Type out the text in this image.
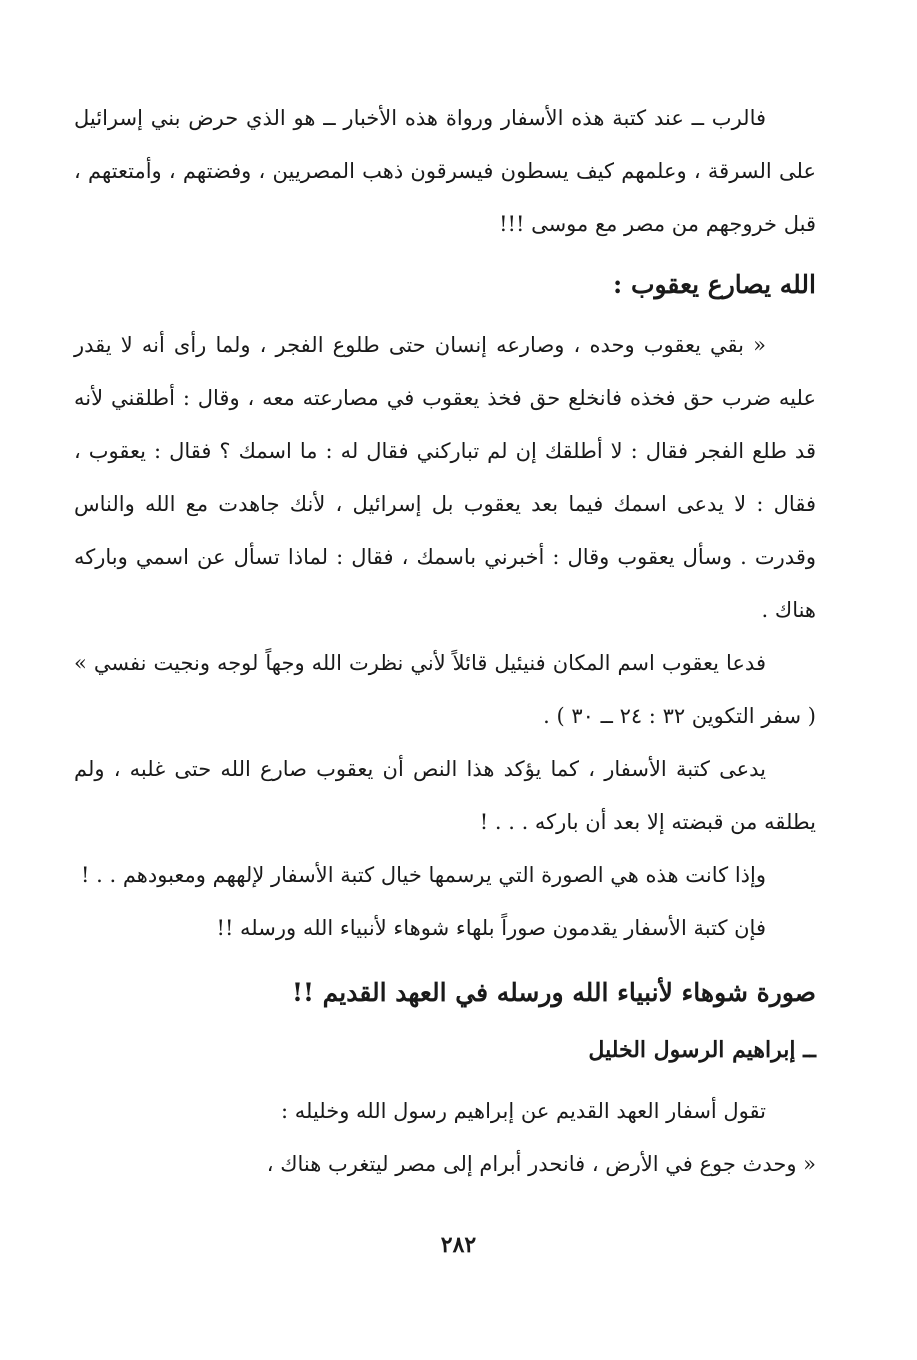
فالرب ــ عند كتبة هذه الأسفار ورواة هذه الأخبار ــ هو الذي حرض بني إسرائيل على السرقة ، وعلمهم كيف يسطون فيسرقون ذهب المصريين ، وفضتهم ، وأمتعتهم ، قبل خروجهم من مصر مع موسى !!!

الله يصارع يعقوب :

« بقي يعقوب وحده ، وصارعه إنسان حتى طلوع الفجر ، ولما رأى أنه لا يقدر عليه ضرب حق فخذه فانخلع حق فخذ يعقوب في مصارعته معه ، وقال : أطلقني لأنه قد طلع الفجر فقال : لا أطلقك إن لم تباركني فقال له : ما اسمك ؟ فقال : يعقوب ، فقال : لا يدعى اسمك فيما بعد يعقوب بل إسرائيل ، لأنك جاهدت مع الله والناس وقدرت . وسأل يعقوب وقال : أخبرني باسمك ، فقال : لماذا تسأل عن اسمي وباركه هناك .

فدعا يعقوب اسم المكان فنيئيل قائلاً لأني نظرت الله وجهاً لوجه ونجيت نفسي » ( سفر التكوين ٣٢ : ٢٤ ــ ٣٠ ) .

يدعى كتبة الأسفار ، كما يؤكد هذا النص أن يعقوب صارع الله حتى غلبه ، ولم يطلقه من قبضته إلا بعد أن باركه . . . !

وإذا كانت هذه هي الصورة التي يرسمها خيال كتبة الأسفار لإلههم ومعبودهم . . !

فإن كتبة الأسفار يقدمون صوراً بلهاء شوهاء لأنبياء الله ورسله !!

صورة شوهاء لأنبياء الله ورسله في العهد القديم !!
ــ إبراهيم الرسول الخليل

تقول أسفار العهد القديم عن إبراهيم رسول الله وخليله :

« وحدث جوع في الأرض ، فانحدر أبرام إلى مصر ليتغرب هناك ،

٢٨٢
